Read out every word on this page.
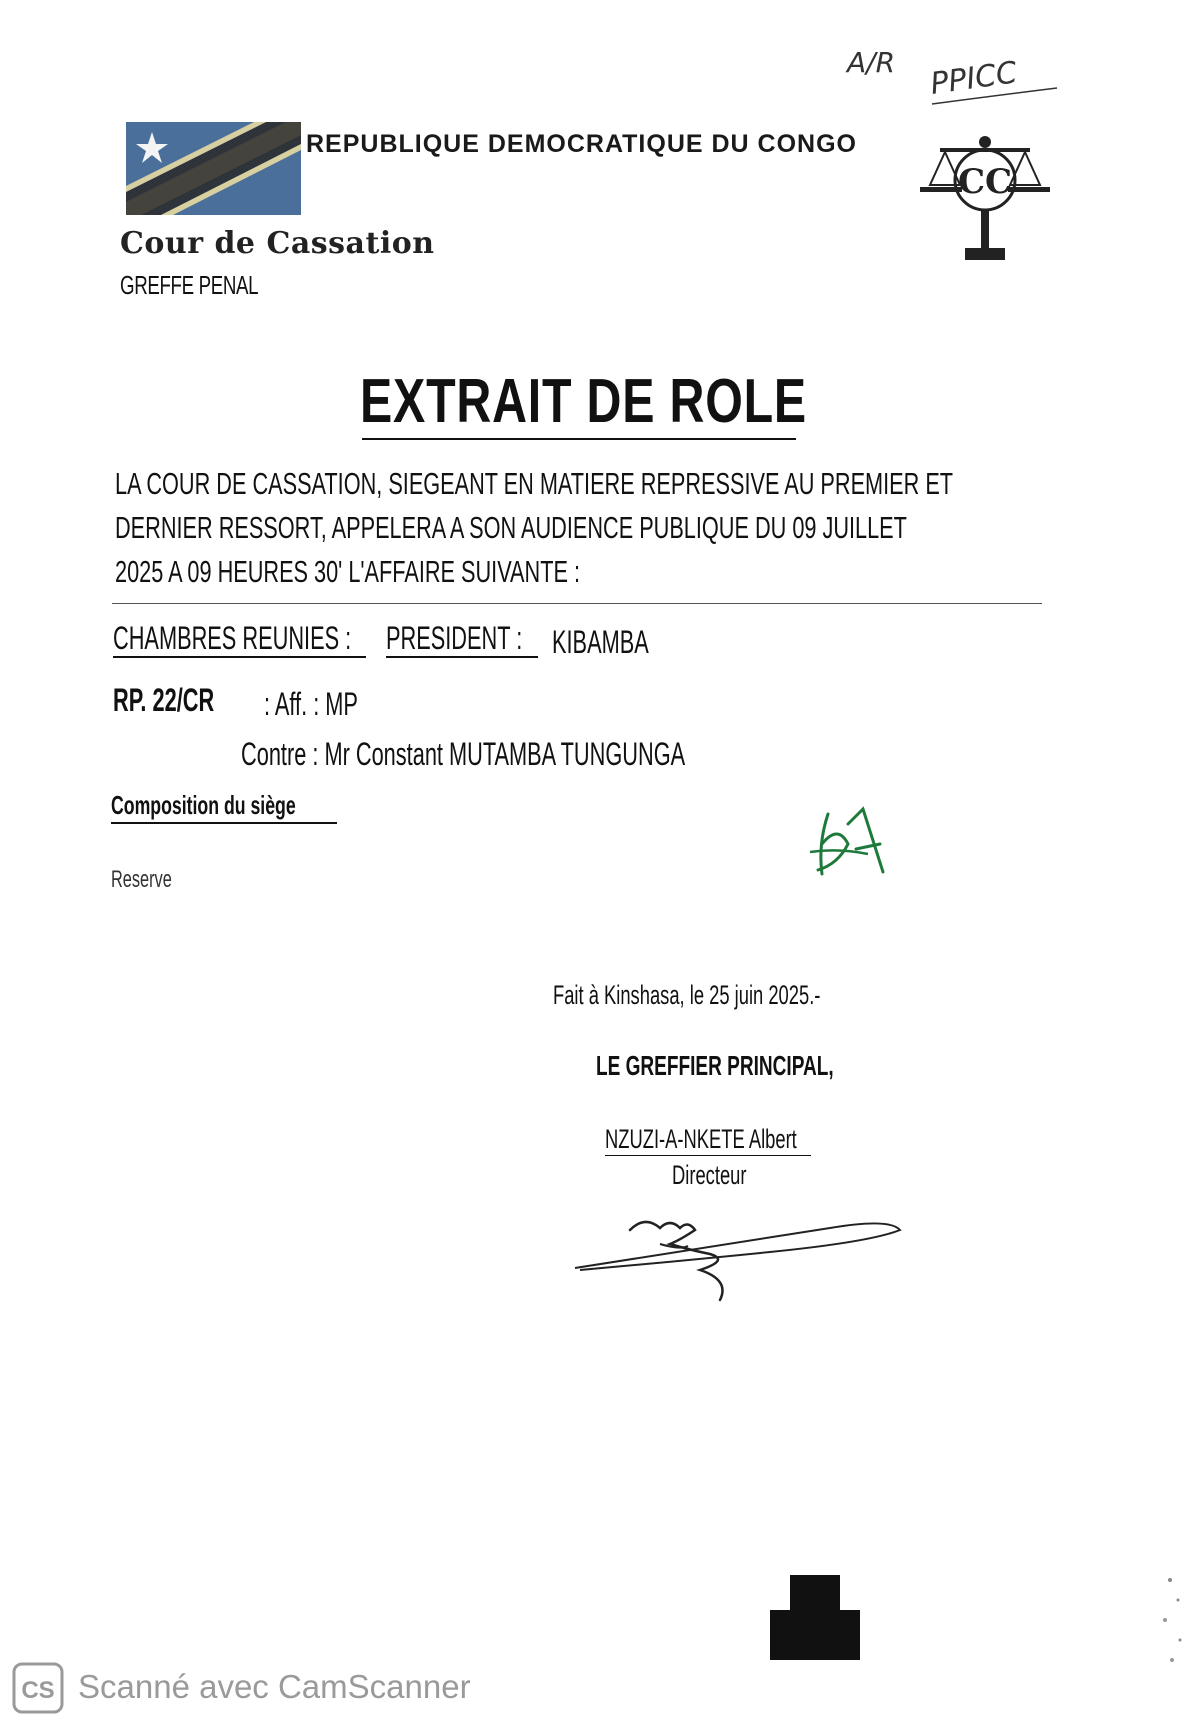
REPUBLIQUE DEMOCRATIQUE DU CONGO
CC
Cour de Cassation
GREFFE PENAL
A/R PPICC
EXTRAIT DE ROLE
LA COUR DE CASSATION, SIEGEANT EN MATIERE REPRESSIVE AU PREMIER ET
DERNIER RESSORT, APPELERA A SON AUDIENCE PUBLIQUE DU 09 JUILLET
2025 A 09 HEURES 30' L'AFFAIRE SUIVANTE :
CHAMBRES REUNIES : PRESIDENT : KIBAMBA
RP. 22/CR : Aff. : MP
Contre : Mr Constant MUTAMBA TUNGUNGA
Composition du siège
Reserve
Fait à Kinshasa, le 25 juin 2025.-
LE GREFFIER PRINCIPAL,
NZUZI-A-NKETE Albert
Directeur
CS Scanné avec CamScanner
